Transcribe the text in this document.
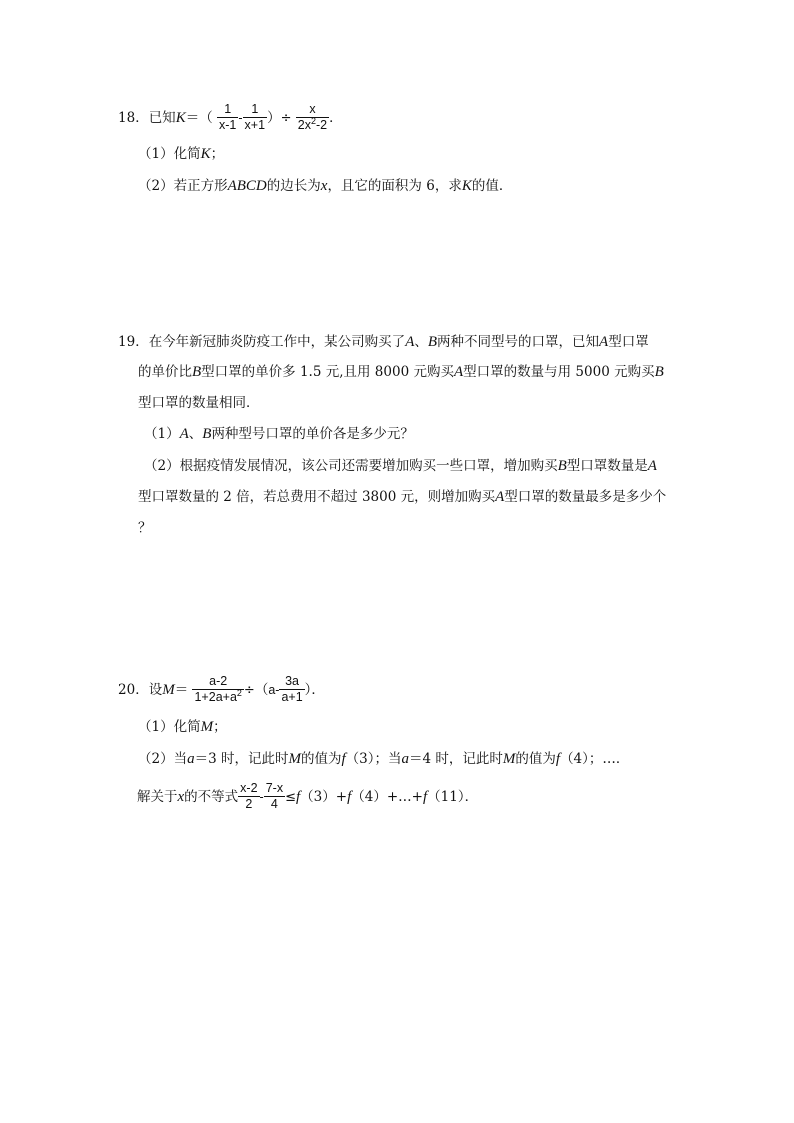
18．已知$K=( \frac{1}{x-1} - \frac{1}{x+1}$ ）÷ $\frac{x}{2x^2-2}$ ．
（1）化简K；
（2）若正方形ABCD的边长为x，且它的面积为 6，求K的值．
19．在今年新冠肺炎防疫工作中，某公司购买了A、B两种不同型号的口罩，已知A型口罩
的单价比B型口罩的单价多 1.5 元,且用 8000 元购买A型口罩的数量与用 5000 元购买B
型口罩的数量相同．
（1）A、B两种型号口罩的单价各是多少元？
（2）根据疫情发展情况，该公司还需要增加购买一些口罩，增加购买B型口罩数量是A
型口罩数量的 2 倍，若总费用不超过 3800 元，则增加购买A型口罩的数量最多是多少个
？
20．设$M= \frac{a-2}{1+2a+a^2} \div(a- \frac{3a}{a+1}$ ）．
（1）化简M；
（2）当a＝3 时，记此时M的值为f（3）；当a＝4 时，记此时M的值为f（4）；…．
解关于x的不等式 $\frac{x-2}{2} - \frac{7-x}{4}$ ≤f（3）+f（4）+…+f（11）．
